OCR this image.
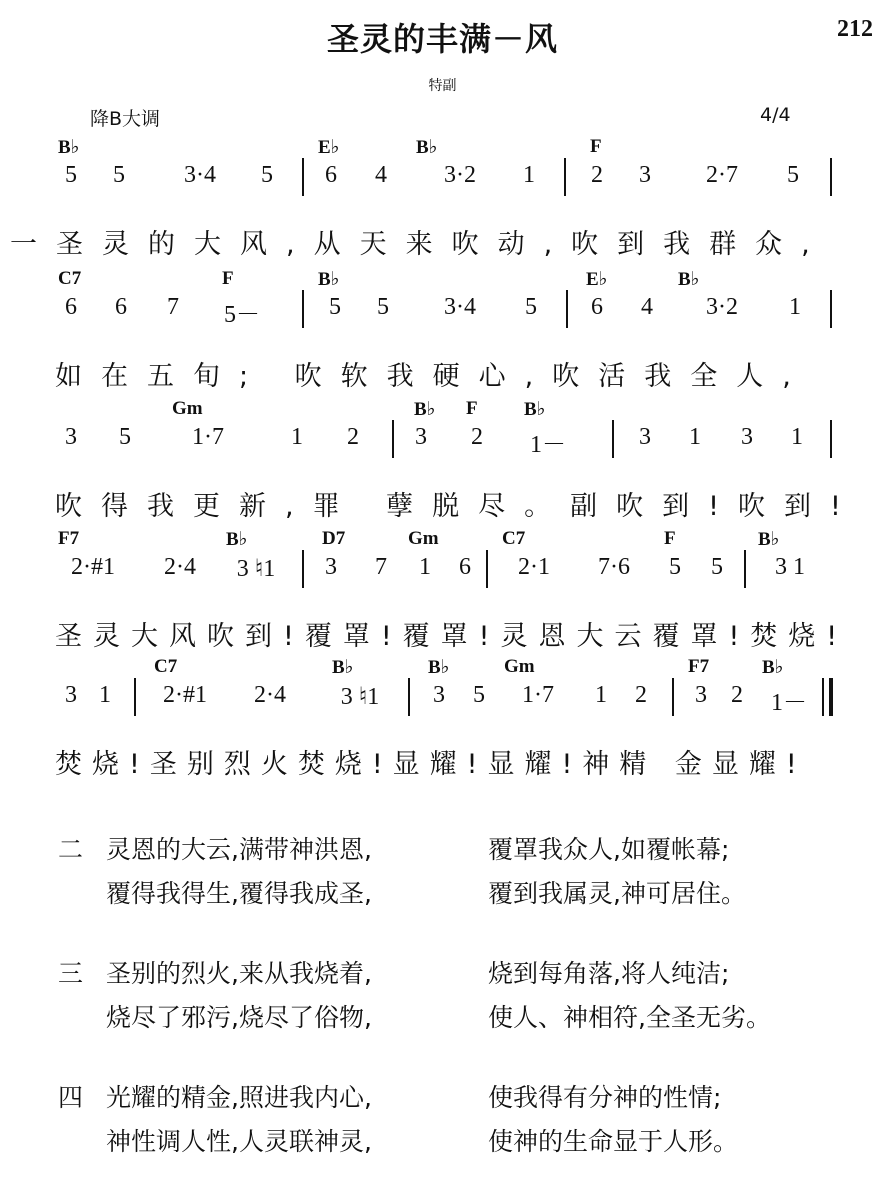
圣灵的丰满－风	212
特副
降B大调	4/4
B♭	E♭	B♭	F
5 5	3·4	5 6 4	3·2	1 2 3	2·7	5
一圣灵的大风,从天来吹动,吹到我群众,
C7	F	B♭	E♭	B♭
6 6 7	5－	5 5	3·4	5 6 4	3·2	1
如在五旬; 吹软我硬心,吹活我全人,
Gm	B♭ F B♭
3 5	1·7	1 2 3 2	1－	3 1 3 1
吹得我更新,罪 孽脱尽。副吹到!吹到!
F7	B♭	D7	Gm	C7	F	B♭
2·#1	2·4	3 ♮1	3 7 1 6	2·1	7·6	5 5	3 1
圣灵大风吹到!覆罩!覆罩!灵恩大云覆罩!焚烧!
C7	B♭	B♭	Gm	F7	B♭
3 1	2·#1	2·4	3 ♮1	3 5	1·7	1 2 3 2 1－
焚烧!圣别烈火焚烧!显耀!显耀!神精 金显耀!
二 灵恩的大云,满带神洪恩,	覆罩我众人,如覆帐幕;
覆得我得生,覆得我成圣,	覆到我属灵,神可居住。
三 圣别的烈火,来从我烧着,	烧到每角落,将人纯洁;
烧尽了邪污,烧尽了俗物,	使人、神相符,全圣无劣。
四 光耀的精金,照进我内心,	使我得有分神的性情;
神性调人性,人灵联神灵,	使神的生命显于人形。
